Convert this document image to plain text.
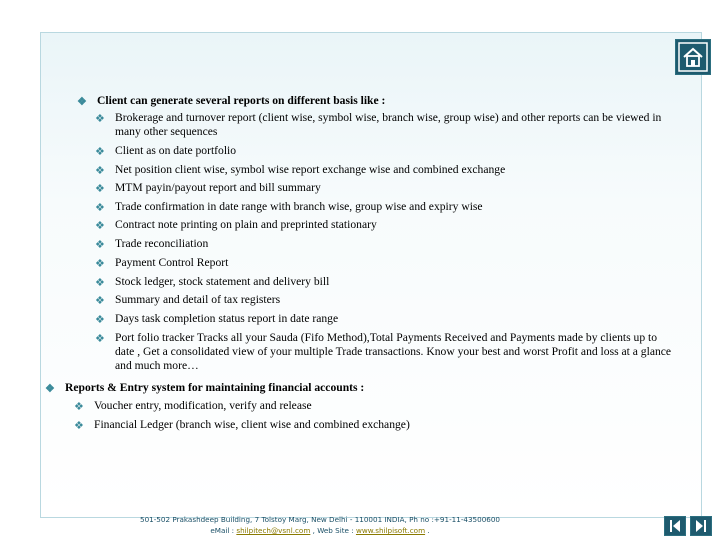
❖ Client can generate several reports on different basis like :
❖ Brokerage and turnover report (client wise, symbol wise, branch wise, group wise) and other reports can be viewed in many other sequences
❖ Client as on date portfolio
❖ Net position client wise, symbol wise report exchange wise and combined exchange
❖ MTM payin/payout report and bill summary
❖ Trade confirmation in date range with branch wise, group wise and expiry wise
❖ Contract note printing on plain and preprinted stationary
❖ Trade reconciliation
❖ Payment Control Report
❖ Stock ledger, stock statement and delivery bill
❖ Summary and detail of tax registers
❖ Days task completion status report in date range
❖ Port folio tracker Tracks all your Sauda (Fifo Method),Total Payments Received and Payments made by clients up to date , Get a consolidated view of your multiple Trade transactions. Know your best and worst Profit and loss at a glance and much more…
❖ Reports & Entry system for maintaining financial accounts :
❖ Voucher entry, modification, verify and release
❖ Financial Ledger (branch wise, client wise and combined exchange)
501-502 Prakashdeep Building, 7 Tolstoy Marg, New Delhi - 110001 INDIA, Ph no :+91-11-43500600
eMail : shilpitech@vsnl.com , Web Site : www.shilpisoft.com .
